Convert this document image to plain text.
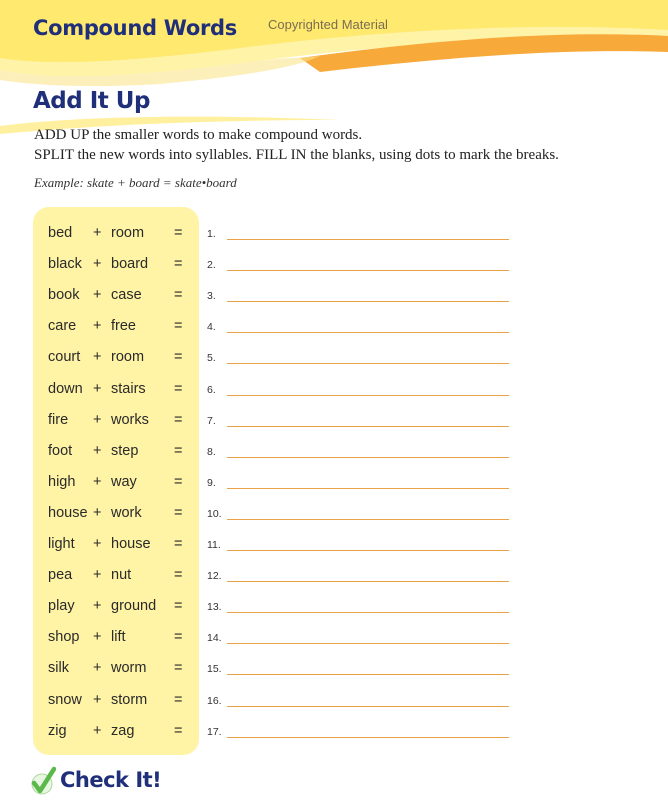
Compound Words Copyrighted Material
Add It Up
ADD UP the smaller words to make compound words.
SPLIT the new words into syllables. FILL IN the blanks, using dots to mark the breaks.
Example: skate + board = skate•board
bed + room = 1.
black + board = 2.
book + case = 3.
care + free	= 4.
court + room = 5.
down + stairs = 6.
fire + works = 7.
foot + step = 8.
high + way	= 9.
house + work = 10.
light + house = 11.
pea + nut	= 12.
play + ground = 13.
shop + lift	= 14.
silk + worm = 15.
snow + storm = 16.
zig + zag	= 17.
Check It!
